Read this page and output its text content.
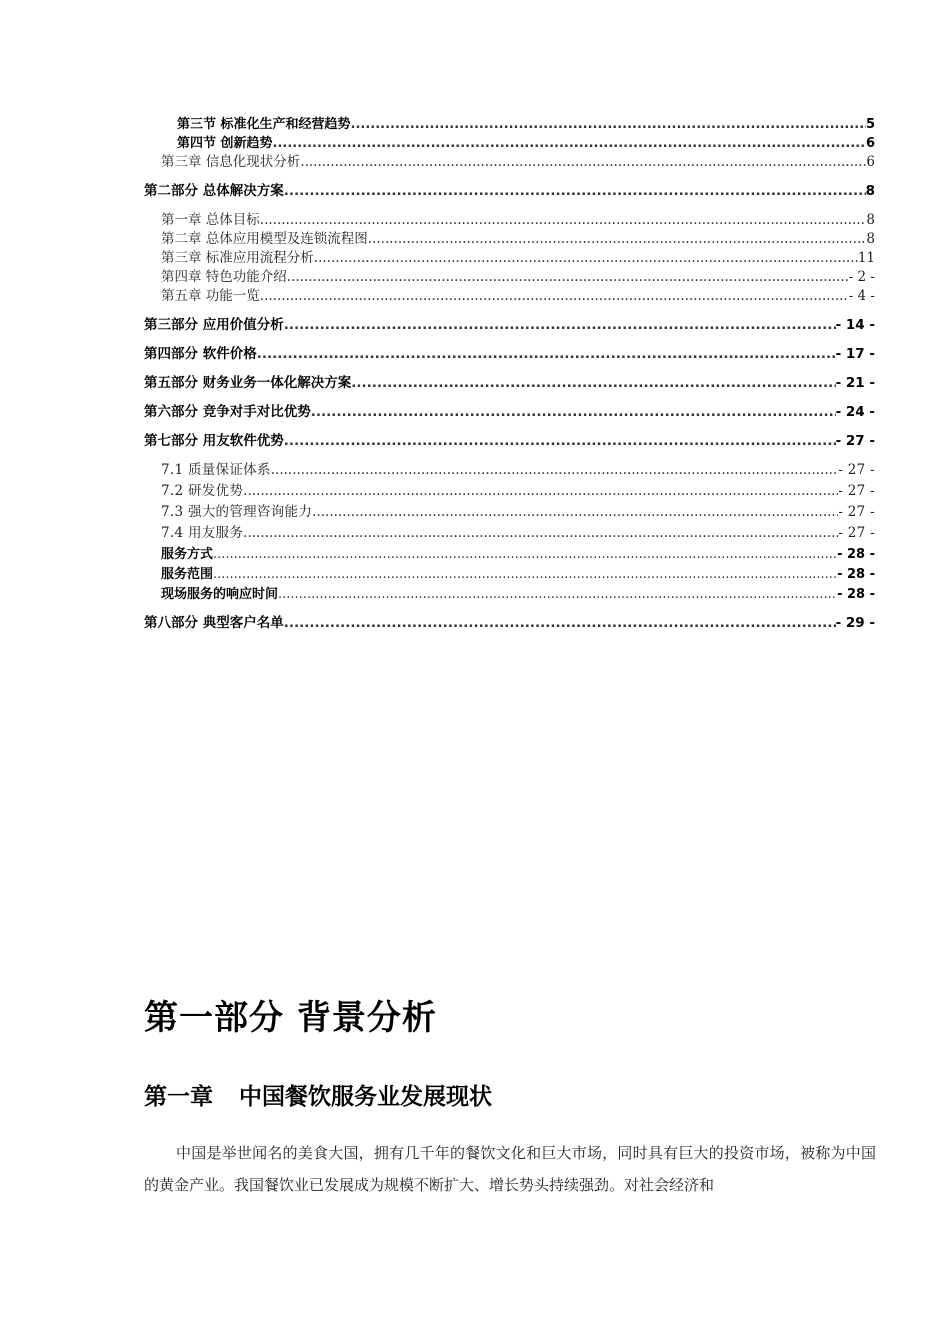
第三节 标准化生产和经营趋势 .....	5
第四节 创新趋势 .....	6
第三章 信息化现状分析 .....	6
第二部分 总体解决方案 .....	8
第一章 总体目标 .....	8
第二章 总体应用模型及连锁流程图 .....	8
第三章 标准应用流程分析 .....	11
第四章 特色功能介绍 .....	- 2 -
第五章 功能一览 .....	- 4 -
第三部分 应用价值分析 .....	- 14 -
第四部分 软件价格 .....	- 17 -
第五部分 财务业务一体化解决方案 .....	- 21 -
第六部分 竞争对手对比优势 .....	- 24 -
第七部分 用友软件优势 .....	- 27 -
7.1 质量保证体系 .....	- 27 -
7.2 研发优势 .....	- 27 -
7.3 强大的管理咨询能力 .....	- 27 -
7.4 用友服务 .....	- 27 -
服务方式 .....	- 28 -
服务范围 .....	- 28 -
现场服务的响应时间 .....	- 28 -
第八部分 典型客户名单 .....	- 29 -
第一部分 背景分析
第一章 中国餐饮服务业发展现状

中国是举世闻名的美食大国，拥有几千年的餐饮文化和巨大市场，同时具有巨大的投资市场，被称为中国的黄金产业。我国餐饮业已发展成为规模不断扩大、增长势头持续强劲。对社会经济和
